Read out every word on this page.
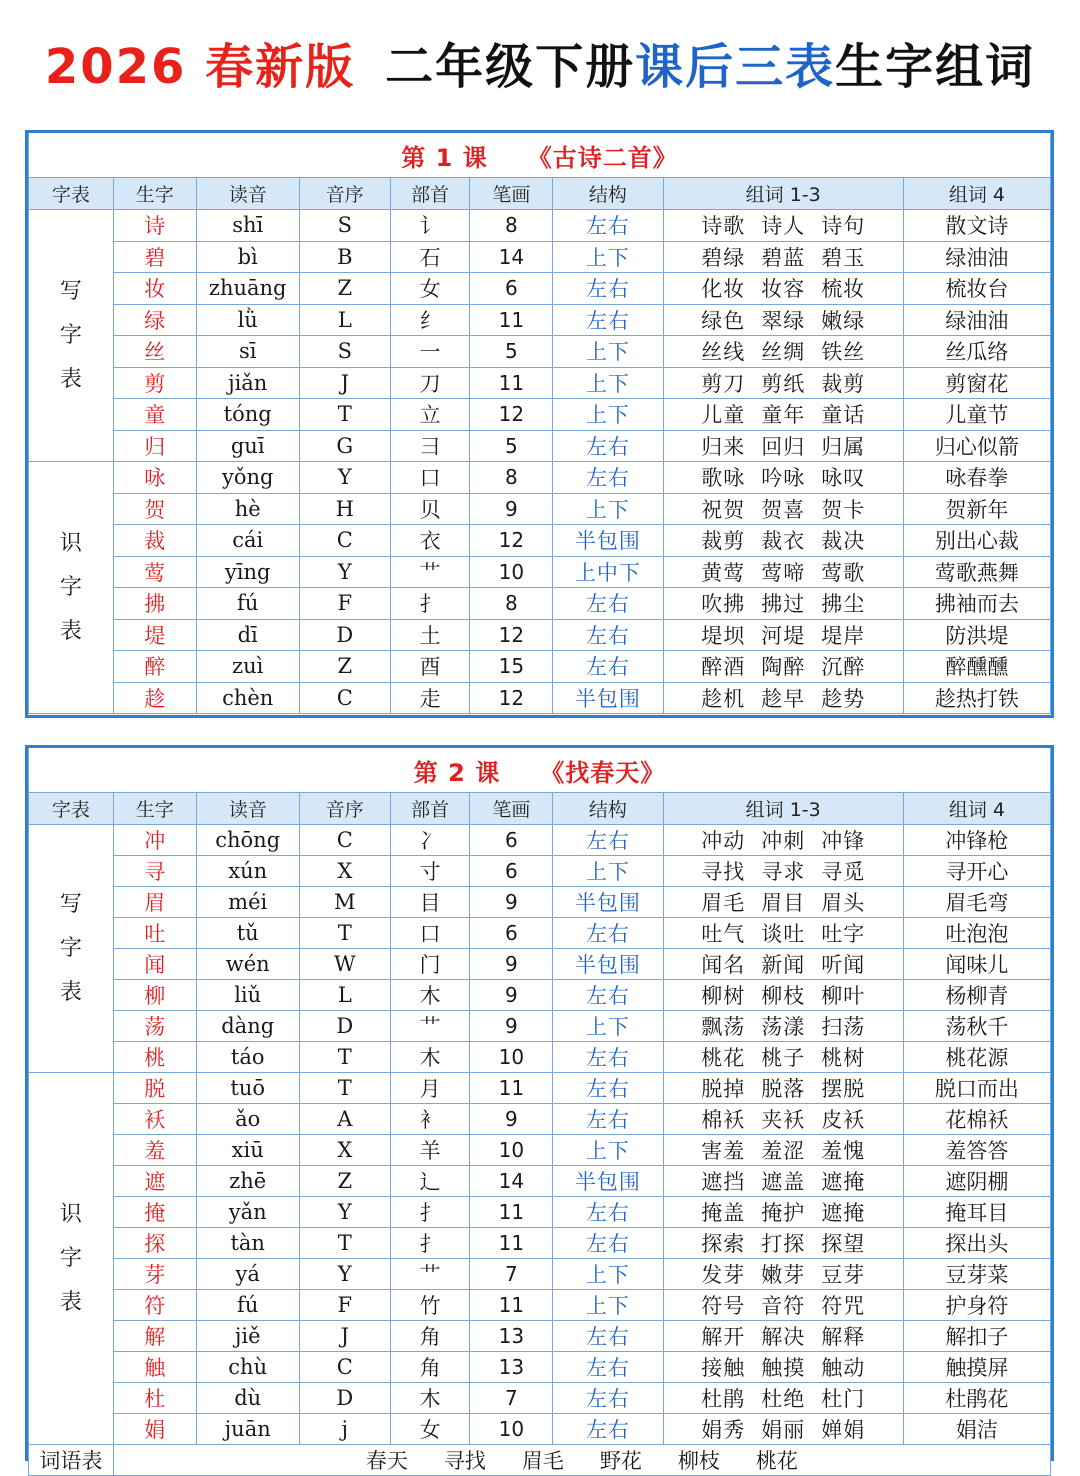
2026 春新版 二年级下册 课后三表 生字组词
第 1 课 《古诗二首》								
字表	生字	读音	音序	部首	笔画	结构	组词 1-3	组词 4

写字表	诗	shī	S	讠	8	左右	诗歌 诗人 诗句	散文诗
	碧	bì	B	石	14	上下	碧绿 碧蓝 碧玉	绿油油
	妆	zhuāng	Z	女	6	左右	化妆 妆容 梳妆	梳妆台
	绿	lǜ	L	纟	11	左右	绿色 翠绿 嫩绿	绿油油
	丝	sī	S	一	5	上下	丝线 丝绸 铁丝	丝瓜络
	剪	jiǎn	J	刀	11	上下	剪刀 剪纸 裁剪	剪窗花
	童	tóng	T	立	12	上下	儿童 童年 童话	儿童节
	归	guī	G	彐	5	左右	归来 回归 归属	归心似箭

识字表	咏	yǒng	Y	口	8	左右	歌咏 吟咏 咏叹	咏春拳
	贺	hè	H	贝	9	上下	祝贺 贺喜 贺卡	贺新年
	裁	cái	C	衣	12	半包围	裁剪 裁衣 裁决	别出心裁
	莺	yīng	Y	艹	10	上中下	黄莺 莺啼 莺歌	莺歌燕舞
	拂	fú	F	扌	8	左右	吹拂 拂过 拂尘	拂袖而去
	堤	dī	D	土	12	左右	堤坝 河堤 堤岸	防洪堤
	醉	zuì	Z	酉	15	左右	醉酒 陶醉 沉醉	醉醺醺
	趁	chèn	C	走	12	半包围	趁机 趁早 趁势	趁热打铁
第 2 课 《找春天》								
字表	生字	读音	音序	部首	笔画	结构	组词 1-3	组词 4

写字表	冲	chōng	C	冫	6	左右	冲动 冲刺 冲锋	冲锋枪
	寻	xún	X	寸	6	上下	寻找 寻求 寻觅	寻开心
	眉	méi	M	目	9	半包围	眉毛 眉目 眉头	眉毛弯
	吐	tǔ	T	口	6	左右	吐气 谈吐 吐字	吐泡泡
	闻	wén	W	门	9	半包围	闻名 新闻 听闻	闻味儿
	柳	liǔ	L	木	9	左右	柳树 柳枝 柳叶	杨柳青
	荡	dàng	D	艹	9	上下	飘荡 荡漾 扫荡	荡秋千
	桃	táo	T	木	10	左右	桃花 桃子 桃树	桃花源

识字表	脱	tuō	T	月	11	左右	脱掉 脱落 摆脱	脱口而出
	袄	ǎo	A	衤	9	左右	棉袄 夹袄 皮袄	花棉袄
	羞	xiū	X	羊	10	上下	害羞 羞涩 羞愧	羞答答
	遮	zhē	Z	辶	14	半包围	遮挡 遮盖 遮掩	遮阴棚
	掩	yǎn	Y	扌	11	左右	掩盖 掩护 遮掩	掩耳目
	探	tàn	T	扌	11	左右	探索 打探 探望	探出头
	芽	yá	Y	艹	7	上下	发芽 嫩芽 豆芽	豆芽菜
	符	fú	F	竹	11	上下	符号 音符 符咒	护身符
	解	jiě	J	角	13	左右	解开 解决 解释	解扣子
	触	chù	C	角	13	左右	接触 触摸 触动	触摸屏
	杜	dù	D	木	7	左右	杜鹃 杜绝 杜门	杜鹃花
	娟	juān	j	女	10	左右	娟秀 娟丽 婵娟	娟洁
词语表	春天 寻找 眉毛 野花 柳枝 桃花							
